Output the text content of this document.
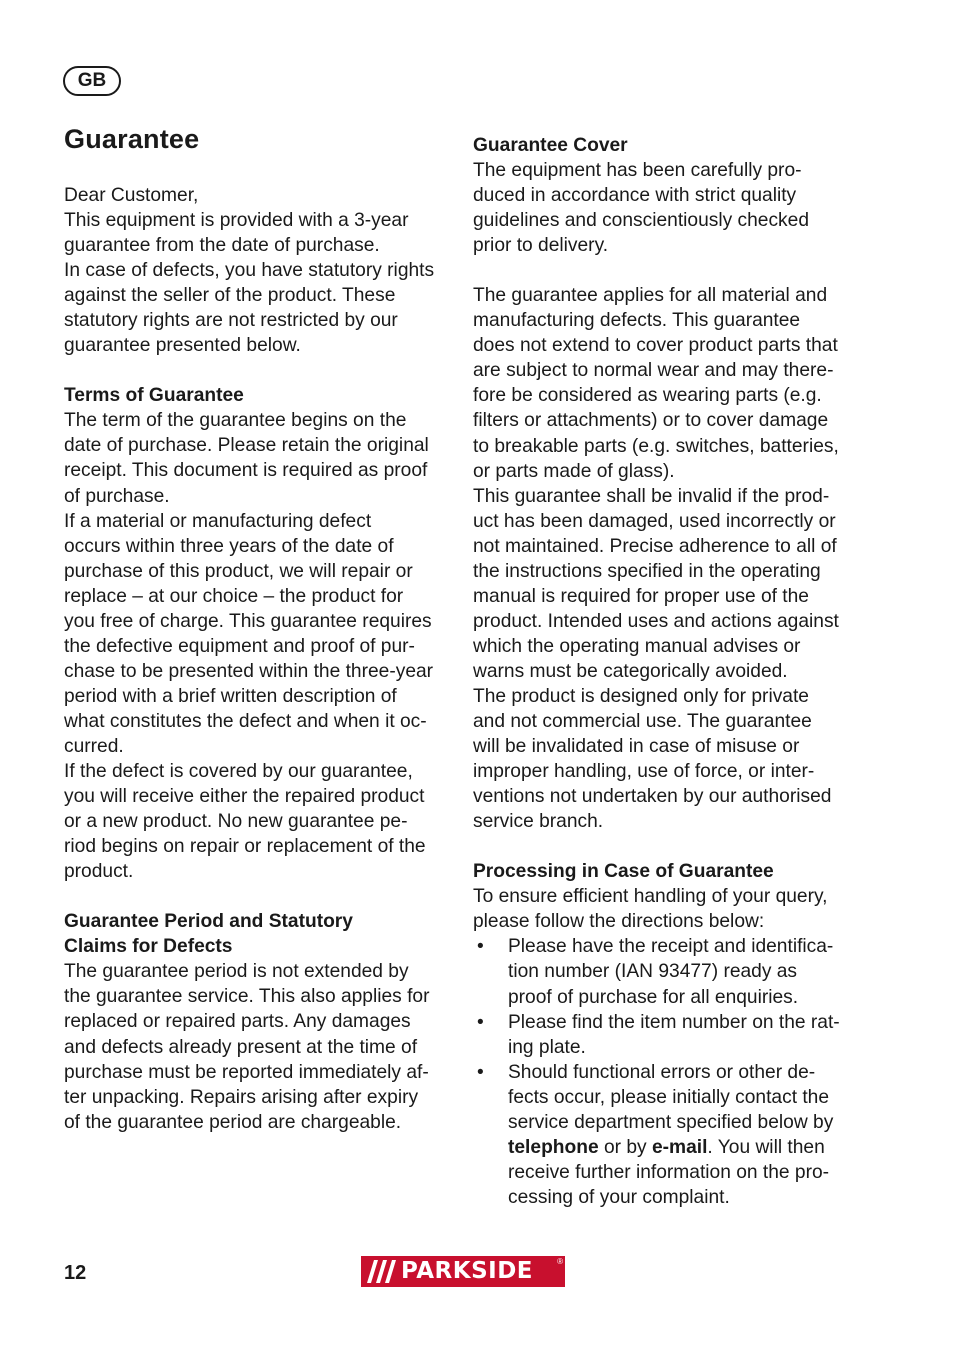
GB
Guarantee

Dear Customer,
This equipment is provided with a 3-year
guarantee from the date of purchase.
In case of defects, you have statutory rights
against the seller of the product. These
statutory rights are not restricted by our
guarantee presented below.

Terms of Guarantee

The term of the guarantee begins on the
date of purchase. Please retain the original
receipt. This document is required as proof
of purchase.
If a material or manufacturing defect
occurs within three years of the date of
purchase of this product, we will repair or
replace – at our choice – the product for
you free of charge. This guarantee requires
the defective equipment and proof of pur-
chase to be presented within the three-year
period with a brief written description of
what constitutes the defect and when it oc-
curred.
If the defect is covered by our guarantee,
you will receive either the repaired product
or a new product. No new guarantee pe-
riod begins on repair or replacement of the
product.

Guarantee Period and Statutory
Claims for Defects

The guarantee period is not extended by
the guarantee service. This also applies for
replaced or repaired parts. Any damages
and defects already present at the time of
purchase must be reported immediately af-
ter unpacking. Repairs arising after expiry
of the guarantee period are chargeable.

Guarantee Cover

The equipment has been carefully pro-
duced in accordance with strict quality
guidelines and conscientiously checked
prior to delivery.

The guarantee applies for all material and
manufacturing defects. This guarantee
does not extend to cover product parts that
are subject to normal wear and may there-
fore be considered as wearing parts (e.g.
filters or attachments) or to cover damage
to breakable parts (e.g. switches, batteries,
or parts made of glass).
This guarantee shall be invalid if the prod-
uct has been damaged, used incorrectly or
not maintained. Precise adherence to all of
the instructions specified in the operating
manual is required for proper use of the
product. Intended uses and actions against
which the operating manual advises or
warns must be categorically avoided.
The product is designed only for private
and not commercial use. The guarantee
will be invalidated in case of misuse or
improper handling, use of force, or inter-
ventions not undertaken by our authorised
service branch.

Processing in Case of Guarantee

To ensure efficient handling of your query,
please follow the directions below:

• Please have the receipt and identifica-
tion number (IAN 93477) ready as
proof of purchase for all enquiries.
• Please find the item number on the rat-
ing plate.
• Should functional errors or other de-
fects occur, please initially contact the
service department specified below by
telephone or by e-mail. You will then
receive further information on the pro-
cessing of your complaint.
12	PARKSIDE	®
